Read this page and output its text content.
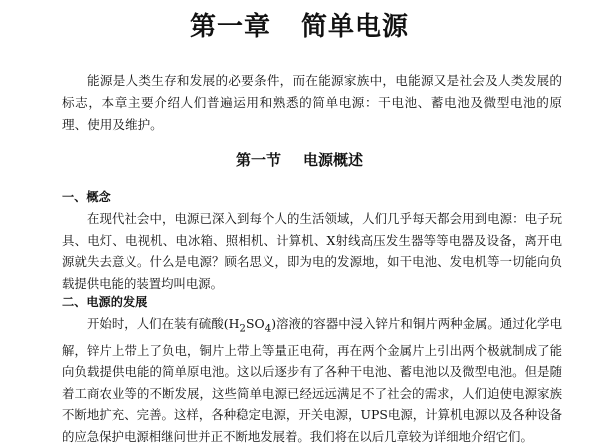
第一章 简单电源

能源是人类生存和发展的必要条件，而在能源家族中，电能源又是社会及人类发展的标志，本章主要介绍人们普遍运用和熟悉的简单电源：干电池、蓄电池及微型电池的原理、使用及维护。

第一节 电源概述
一、概念

在现代社会中，电源已深入到每个人的生活领域，人们几乎每天都会用到电源：电子玩具、电灯、电视机、电冰箱、照相机、计算机、X射线高压发生器等等电器及设备，离开电源就失去意义。什么是电源？顾名思义，即为电的发源地，如干电池、发电机等一切能向负载提供电能的装置均叫电源。

二、电源的发展

开始时，人们在装有硫酸$(H_2SO_4)$溶液的容器中浸入锌片和铜片两种金属。通过化学电解，锌片上带上了负电，铜片上带上等量正电荷，再在两个金属片上引出两个极就制成了能向负载提供电能的简单原电池。这以后逐步有了各种干电池、蓄电池以及微型电池。但是随着工商农业等的不断发展，这些简单电源已经远远满足不了社会的需求，人们迫使电源家族不断地扩充、完善。这样，各种稳定电源，开关电源，UPS电源，计算机电源以及各种设备的应急保护电源相继问世并正不断地发展着。我们将在以后几章较为详细地介绍它们。
